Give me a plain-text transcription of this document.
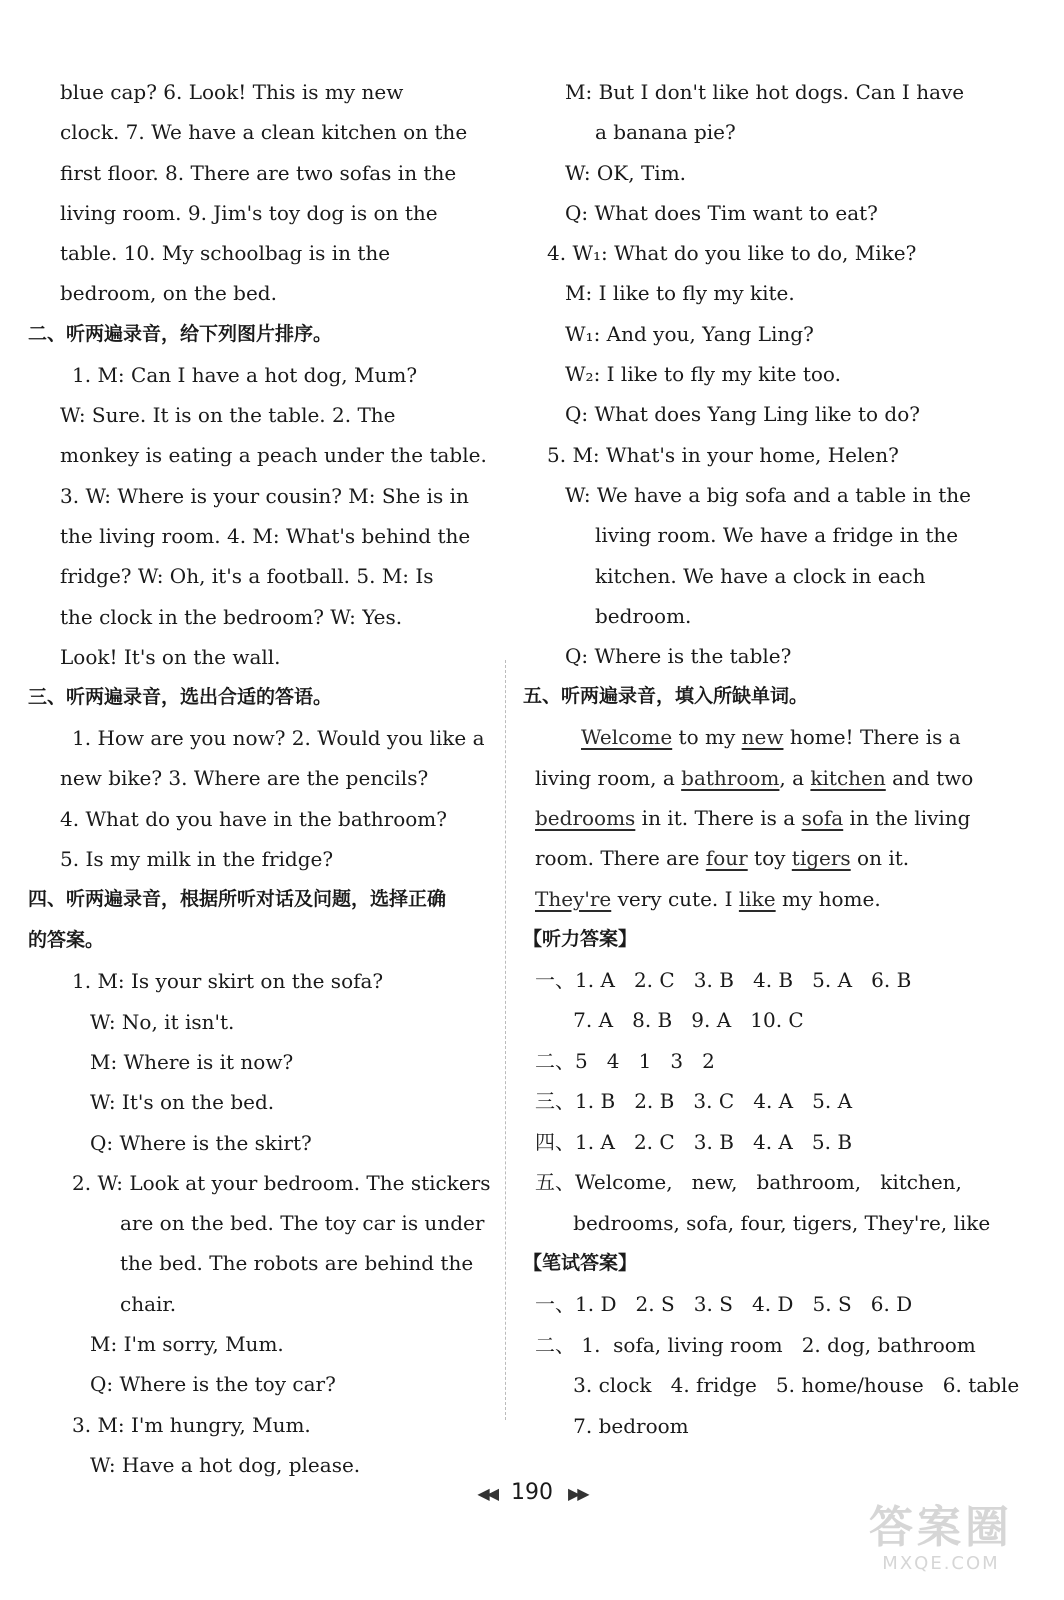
blue cap? 6. Look! This is my new
clock. 7. We have a clean kitchen on the
first floor. 8. There are two sofas in the
living room. 9. Jim's toy dog is on the
table. 10. My schoolbag is in the
bedroom, on the bed.
二、听两遍录音，给下列图片排序。
1. M: Can I have a hot dog, Mum?
W: Sure. It is on the table. 2. The
monkey is eating a peach under the table.
3. W: Where is your cousin? M: She is in
the living room. 4. M: What's behind the
fridge? W: Oh, it's a football. 5. M: Is
the clock in the bedroom? W: Yes.
Look! It's on the wall.
三、听两遍录音，选出合适的答语。
1. How are you now? 2. Would you like a
new bike? 3. Where are the pencils?
4. What do you have in the bathroom?
5. Is my milk in the fridge?
四、听两遍录音，根据所听对话及问题，选择正确
的答案。
1. M: Is your skirt on the sofa?
W: No, it isn't.
M: Where is it now?
W: It's on the bed.
Q: Where is the skirt?
2. W: Look at your bedroom. The stickers
are on the bed. The toy car is under
the bed. The robots are behind the
chair.
M: I'm sorry, Mum.
Q: Where is the toy car?
3. M: I'm hungry, Mum.
W: Have a hot dog, please.
M: But I don't like hot dogs. Can I have
a banana pie?
W: OK, Tim.
Q: What does Tim want to eat?
4. W₁: What do you like to do, Mike?
M: I like to fly my kite.
W₁: And you, Yang Ling?
W₂: I like to fly my kite too.
Q: What does Yang Ling like to do?
5. M: What's in your home, Helen?
W: We have a big sofa and a table in the
living room. We have a fridge in the
kitchen. We have a clock in each
bedroom.
Q: Where is the table?
五、听两遍录音，填入所缺单词。
Welcome to my new home! There is a
living room, a bathroom, a kitchen and two
bedrooms in it. There is a sofa in the living
room. There are four toy tigers on it.
They're very cute. I like my home.
【听力答案】
一、1. A   2. C   3. B   4. B   5. A   6. B
7. A   8. B   9. A   10. C
二、5   4   1   3   2
三、1. B   2. B   3. C   4. A   5. A
四、1. A   2. C   3. B   4. A   5. B
五、Welcome,   new,   bathroom,   kitchen,
bedrooms, sofa, four, tigers, They're, like
【笔试答案】
一、1. D   2. S   3. S   4. D   5. S   6. D
二、 1.  sofa, living room   2. dog, bathroom
3. clock   4. fridge   5. home/house   6. table
7. bedroom
◀◀ 190 ▶▶
答案圈
MXQE.COM
